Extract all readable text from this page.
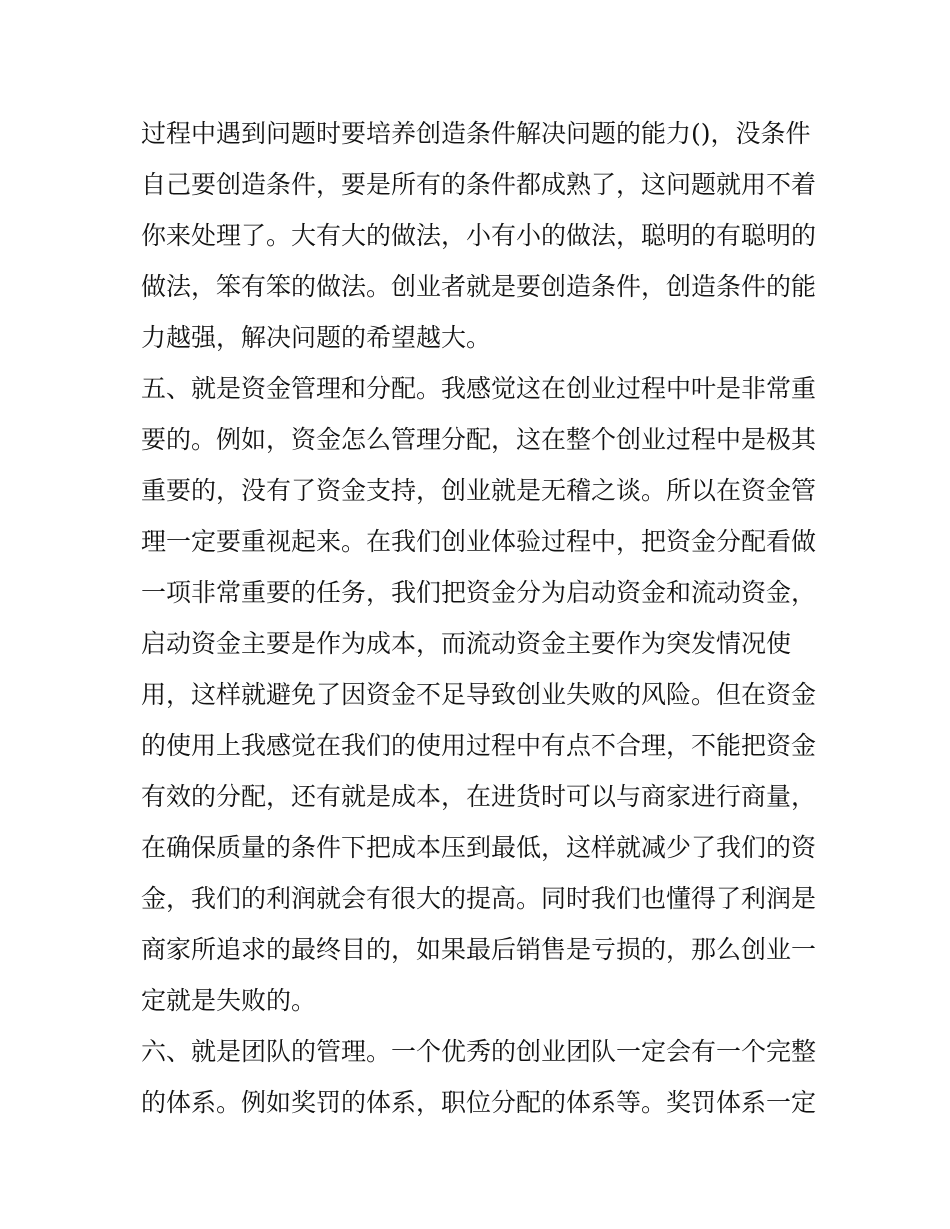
过程中遇到问题时要培养创造条件解决问题的能力()，没条件
自己要创造条件，要是所有的条件都成熟了，这问题就用不着
你来处理了。大有大的做法，小有小的做法，聪明的有聪明的
做法，笨有笨的做法。创业者就是要创造条件，创造条件的能
力越强，解决问题的希望越大。
五、就是资金管理和分配。我感觉这在创业过程中叶是非常重
要的。例如，资金怎么管理分配，这在整个创业过程中是极其
重要的，没有了资金支持，创业就是无稽之谈。所以在资金管
理一定要重视起来。在我们创业体验过程中，把资金分配看做
一项非常重要的任务，我们把资金分为启动资金和流动资金，
启动资金主要是作为成本，而流动资金主要作为突发情况使
用，这样就避免了因资金不足导致创业失败的风险。但在资金
的使用上我感觉在我们的使用过程中有点不合理，不能把资金
有效的分配，还有就是成本，在进货时可以与商家进行商量，
在确保质量的条件下把成本压到最低，这样就减少了我们的资
金，我们的利润就会有很大的提高。同时我们也懂得了利润是
商家所追求的最终目的，如果最后销售是亏损的，那么创业一
定就是失败的。
六、就是团队的管理。一个优秀的创业团队一定会有一个完整
的体系。例如奖罚的体系，职位分配的体系等。奖罚体系一定
